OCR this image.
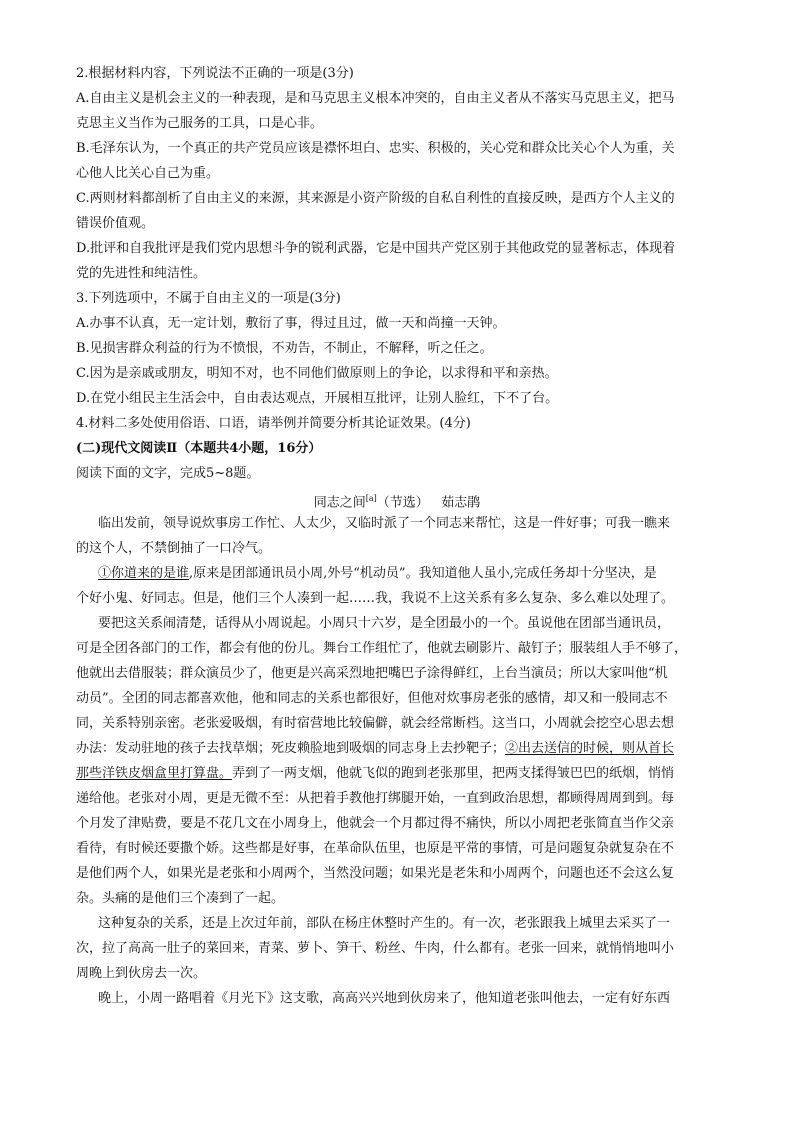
2.根据材料内容，下列说法不正确的一项是(3分)
A.自由主义是机会主义的一种表现，是和马克思主义根本冲突的，自由主义者从不落实马克思主义，把马
克思主义当作为己服务的工具，口是心非。
B.毛泽东认为，一个真正的共产党员应该是襟怀坦白、忠实、积极的，关心党和群众比关心个人为重，关
心他人比关心自己为重。
C.两则材料都剖析了自由主义的来源，其来源是小资产阶级的自私自利性的直接反映，是西方个人主义的
错误价值观。
D.批评和自我批评是我们党内思想斗争的锐利武器，它是中国共产党区别于其他政党的显著标志，体现着
党的先进性和纯洁性。
3.下列选项中，不属于自由主义的一项是(3分)
A.办事不认真，无一定计划，敷衍了事，得过且过，做一天和尚撞一天钟。
B.见损害群众利益的行为不愤恨，不劝告，不制止，不解释，听之任之。
C.因为是亲戚或朋友，明知不对，也不同他们做原则上的争论，以求得和平和亲热。
D.在党小组民主生活会中，自由表达观点，开展相互批评，让别人脸红，下不了台。
4.材料二多处使用俗语、口语，请举例并简要分析其论证效果。(4分)
(二)现代文阅读Ⅱ（本题共4小题，16分）
阅读下面的文字，完成5~8题。
同志之间[a]（节选） 茹志鹃
临出发前，领导说炊事房工作忙、人太少，又临时派了一个同志来帮忙，这是一件好事；可我一瞧来
的这个人，不禁倒抽了一口冷气。
①你道来的是谁,原来是团部通讯员小周,外号“机动员”。我知道他人虽小,完成任务却十分坚决，是
个好小鬼、好同志。但是，他们三个人凑到一起……我，我说不上这关系有多么复杂、多么难以处理了。
要把这关系闹清楚，话得从小周说起。小周只十六岁，是全团最小的一个。虽说他在团部当通讯员，
可是全团各部门的工作，都会有他的份儿。舞台工作组忙了，他就去刷影片、敲钉子；服装组人手不够了，
他就出去借服装；群众演员少了，他更是兴高采烈地把嘴巴子涂得鲜红，上台当演员；所以大家叫他“机
动员”。全团的同志都喜欢他，他和同志的关系也都很好，但他对炊事房老张的感情，却又和一般同志不
同，关系特别亲密。老张爱吸烟，有时宿营地比较偏僻，就会经常断档。这当口，小周就会挖空心思去想
办法：发动驻地的孩子去找草烟；死皮赖脸地到吸烟的同志身上去抄靶子；②出去送信的时候，则从首长
那些洋铁皮烟盒里打算盘。弄到了一两支烟，他就飞似的跑到老张那里，把两支揉得皱巴巴的纸烟，悄悄
递给他。老张对小周，更是无微不至：从把着手教他打绑腿开始，一直到政治思想，都顾得周周到到。每
个月发了津贴费，要是不花几文在小周身上，他就会一个月都过得不痛快，所以小周把老张简直当作父亲
看待，有时候还要撒个娇。这些都是好事，在革命队伍里，也原是平常的事情，可是问题复杂就复杂在不
是他们两个人，如果光是老张和小周两个，当然没问题；如果光是老朱和小周两个，问题也还不会这么复
杂。头痛的是他们三个凑到了一起。
这种复杂的关系，还是上次过年前，部队在杨庄休整时产生的。有一次，老张跟我上城里去采买了一
次，拉了高高一肚子的菜回来，青菜、萝卜、笋干、粉丝、牛肉，什么都有。老张一回来，就悄悄地叫小
周晚上到伙房去一次。
晚上，小周一路唱着《月光下》这支歌，高高兴兴地到伙房来了，他知道老张叫他去，一定有好东西
